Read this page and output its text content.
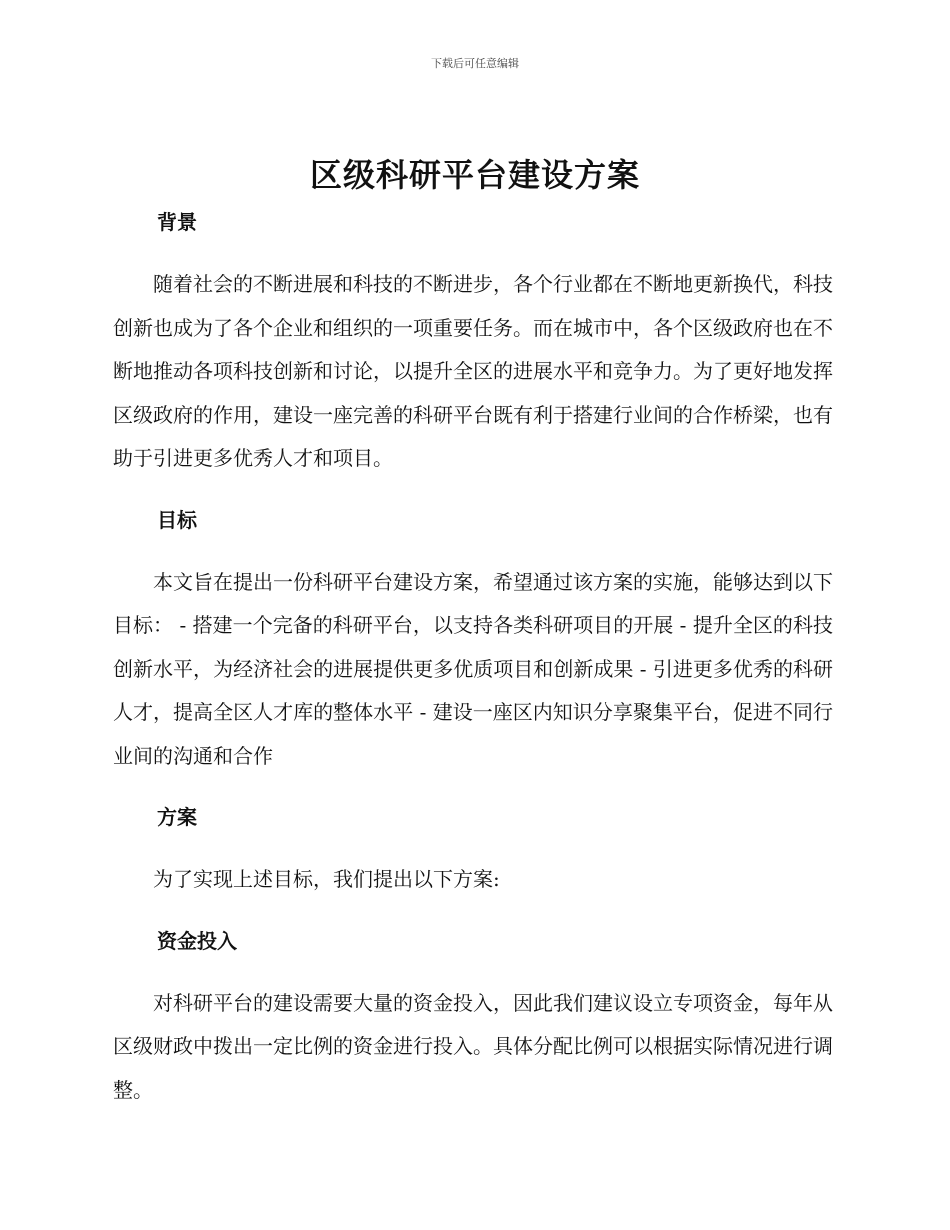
下载后可任意编辑
区级科研平台建设方案
背景

随着社会的不断进展和科技的不断进步，各个行业都在不断地更新换代，科技创新也成为了各个企业和组织的一项重要任务。而在城市中，各个区级政府也在不断地推动各项科技创新和讨论，以提升全区的进展水平和竞争力。为了更好地发挥区级政府的作用，建设一座完善的科研平台既有利于搭建行业间的合作桥梁，也有助于引进更多优秀人才和项目。

目标

本文旨在提出一份科研平台建设方案，希望通过该方案的实施，能够达到以下目标： - 搭建一个完备的科研平台，以支持各类科研项目的开展 - 提升全区的科技创新水平，为经济社会的进展提供更多优质项目和创新成果 - 引进更多优秀的科研人才，提高全区人才库的整体水平 - 建设一座区内知识分享聚集平台，促进不同行业间的沟通和合作

方案

为了实现上述目标，我们提出以下方案:

资金投入

对科研平台的建设需要大量的资金投入，因此我们建议设立专项资金，每年从区级财政中拨出一定比例的资金进行投入。具体分配比例可以根据实际情况进行调整。
